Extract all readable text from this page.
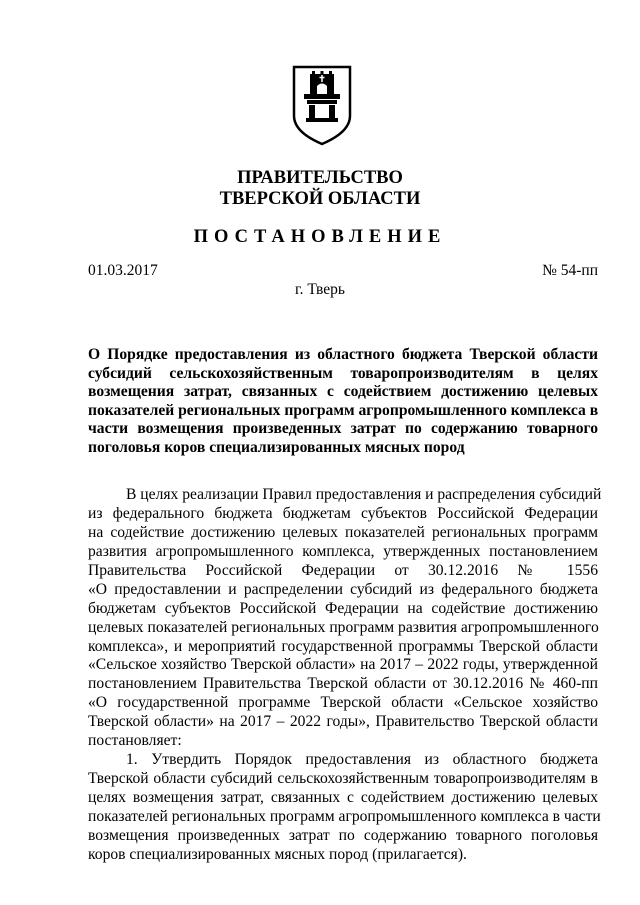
ПРАВИТЕЛЬСТВО
ТВЕРСКОЙ ОБЛАСТИ
ПОСТАНОВЛЕНИЕ
01.03.2017	№ 54-пп
г. Тверь
О Порядке предоставления из областного бюджета Тверской области
субсидий сельскохозяйственным товаропроизводителям в целях
возмещения затрат, связанных с содействием достижению целевых
показателей региональных программ агропромышленного комплекса в
части возмещения произведенных затрат по содержанию товарного
поголовья коров специализированных мясных пород
В целях реализации Правил предоставления и распределения субсидий
из федерального бюджета бюджетам субъектов Российской Федерации
на содействие достижению целевых показателей региональных программ
развития агропромышленного комплекса, утвержденных постановлением
Правительства Российской Федерации от 30.12.2016 № 1556
«О предоставлении и распределении субсидий из федерального бюджета
бюджетам субъектов Российской Федерации на содействие достижению
целевых показателей региональных программ развития агропромышленного
комплекса», и мероприятий государственной программы Тверской области
«Сельское хозяйство Тверской области» на 2017 – 2022 годы, утвержденной
постановлением Правительства Тверской области от 30.12.2016 № 460-пп
«О государственной программе Тверской области «Сельское хозяйство
Тверской области» на 2017 – 2022 годы», Правительство Тверской области
постановляет:
1. Утвердить Порядок предоставления из областного бюджета
Тверской области субсидий сельскохозяйственным товаропроизводителям в
целях возмещения затрат, связанных с содействием достижению целевых
показателей региональных программ агропромышленного комплекса в части
возмещения произведенных затрат по содержанию товарного поголовья
коров специализированных мясных пород (прилагается).
